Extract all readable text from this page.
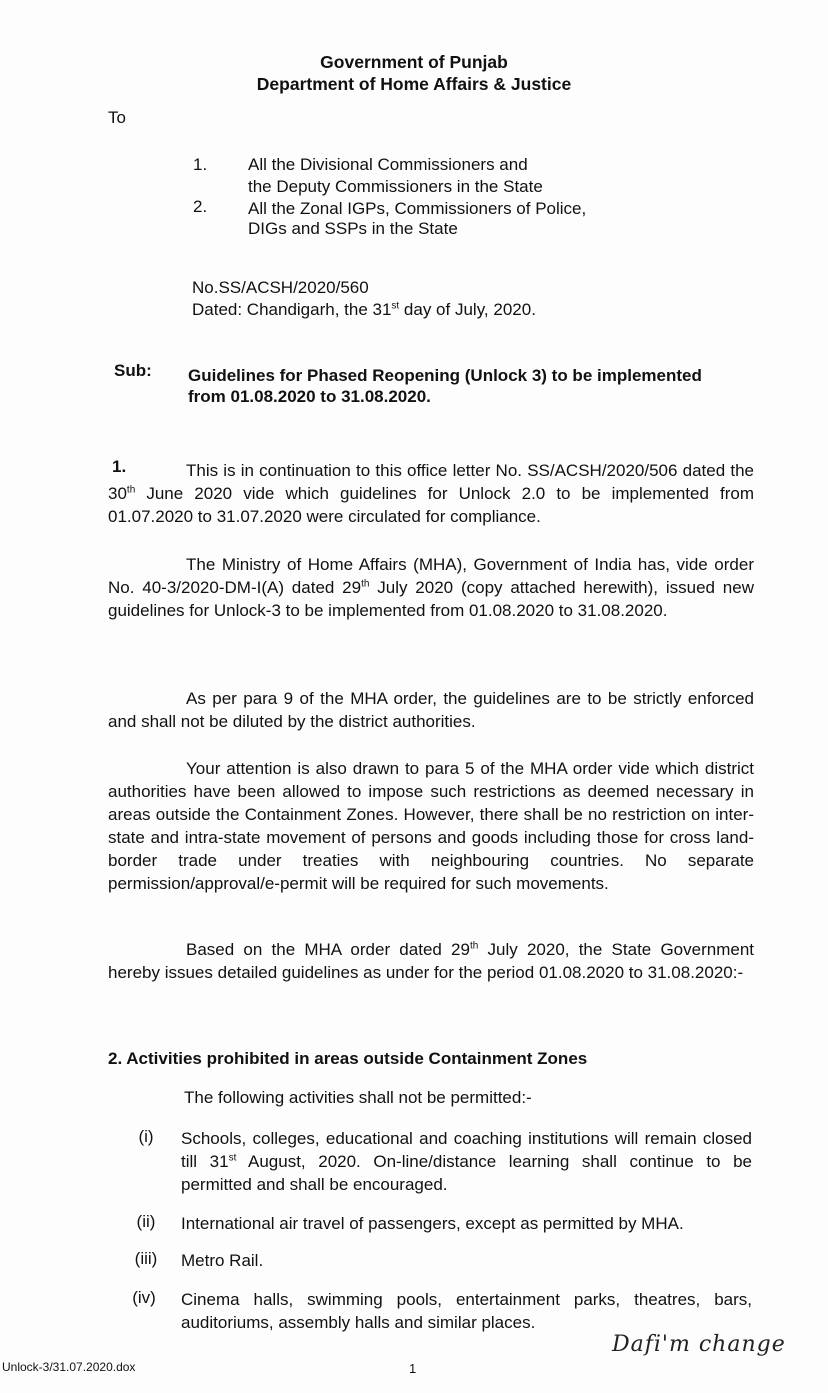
Government of Punjab
Department of Home Affairs & Justice
To
1. All the Divisional Commissioners and
the Deputy Commissioners in the State
2. All the Zonal IGPs, Commissioners of Police,
DIGs and SSPs in the State
No.SS/ACSH/2020/560
Dated: Chandigarh, the 31st day of July, 2020.
Sub: Guidelines for Phased Reopening (Unlock 3) to be implemented
from 01.08.2020 to 31.08.2020.
1.	This is in continuation to this office letter No. SS/ACSH/2020/506 dated the 30th June 2020 vide which guidelines for Unlock 2.0 to be implemented from 01.07.2020 to 31.07.2020 were circulated for compliance.
The Ministry of Home Affairs (MHA), Government of India has, vide order No. 40-3/2020-DM-I(A) dated 29th July 2020 (copy attached herewith), issued new guidelines for Unlock-3 to be implemented from 01.08.2020 to 31.08.2020.
As per para 9 of the MHA order, the guidelines are to be strictly enforced and shall not be diluted by the district authorities.
Your attention is also drawn to para 5 of the MHA order vide which district authorities have been allowed to impose such restrictions as deemed necessary in areas outside the Containment Zones. However, there shall be no restriction on inter-state and intra-state movement of persons and goods including those for cross land-border trade under treaties with neighbouring countries. No separate permission/approval/e-permit will be required for such movements.
Based on the MHA order dated 29th July 2020, the State Government hereby issues detailed guidelines as under for the period 01.08.2020 to 31.08.2020:-
2. Activities prohibited in areas outside Containment Zones
The following activities shall not be permitted:-
(i)	Schools, colleges, educational and coaching institutions will remain closed till 31st August, 2020. On-line/distance learning shall continue to be permitted and shall be encouraged.
(ii)	International air travel of passengers, except as permitted by MHA.
(iii)	Metro Rail.
(iv)	Cinema halls, swimming pools, entertainment parks, theatres, bars, auditoriums, assembly halls and similar places.
Dafi'm change
Unlock-3/31.07.2020.dox	1
